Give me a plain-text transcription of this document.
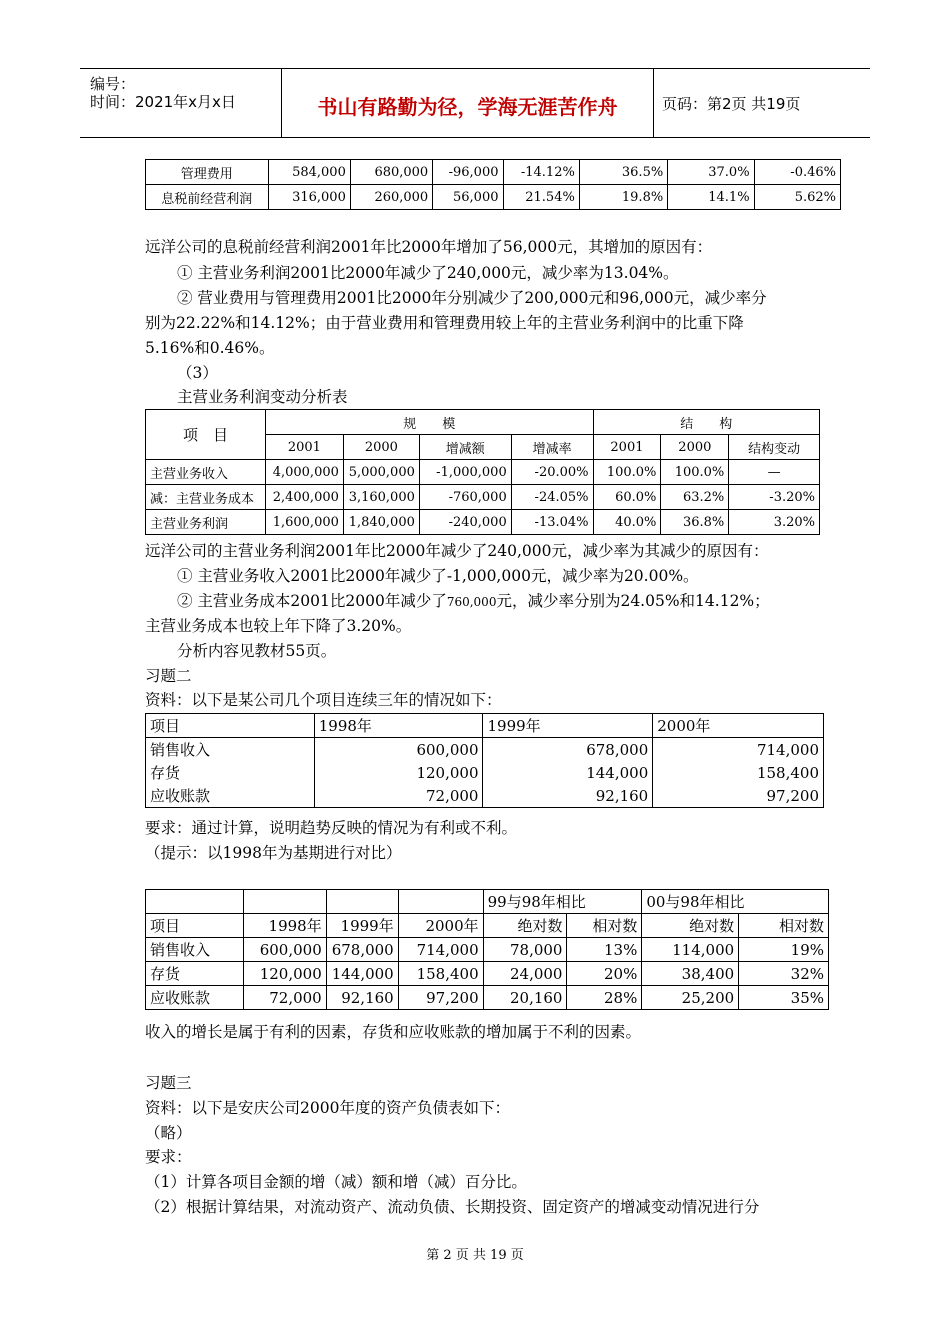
编号：
时间：2021年x月x日	书山有路勤为径，学海无涯苦作舟	页码：第2页 共19页
管理费用	584,000	680,000	-96,000	-14.12%	36.5%	37.0%	-0.46%
息税前经营利润	316,000	260,000	56,000	21.54%	19.8%	14.1%	5.62%
远洋公司的息税前经营利润2001年比2000年增加了56,000元，其增加的原因有：
① 主营业务利润2001比2000年减少了240,000元，减少率为13.04%。
② 营业费用与管理费用2001比2000年分别减少了200,000元和96,000元，减少率分
别为22.22%和14.12%；由于营业费用和管理费用较上年的主营业务利润中的比重下降
5.16%和0.46%。
（3）
主营业务利润变动分析表
项　目	规　　模				结　　构		
	2001	2000	增减额	增减率	2001	2000	结构变动
主营业务收入	4,000,000	5,000,000	-1,000,000	-20.00%	100.0%	100.0%	—
减：主营业务成本	2,400,000	3,160,000	-760,000	-24.05%	60.0%	63.2%	-3.20%
主营业务利润	1,600,000	1,840,000	-240,000	-13.04%	40.0%	36.8%	3.20%
远洋公司的主营业务利润2001年比2000年减少了240,000元，减少率为其减少的原因有：
① 主营业务收入2001比2000年减少了-1,000,000元，减少率为20.00%。
② 主营业务成本2001比2000年减少了760,000元，减少率分别为24.05%和14.12%；
主营业务成本也较上年下降了3.20%。
分析内容见教材55页。
习题二
资料：以下是某公司几个项目连续三年的情况如下：
项目	1998年	1999年	2000年
销售收入	600,000	678,000	714,000
存货	120,000	144,000	158,400
应收账款	72,000	92,160	97,200
要求：通过计算，说明趋势反映的情况为有利或不利。
（提示：以1998年为基期进行对比）
				99与98年相比		00与98年相比	
项目	1998年	1999年	2000年	绝对数	相对数	绝对数	相对数
销售收入	600,000	678,000	714,000	78,000	13%	114,000	19%
存货	120,000	144,000	158,400	24,000	20%	38,400	32%
应收账款	72,000	92,160	97,200	20,160	28%	25,200	35%
收入的增长是属于有利的因素，存货和应收账款的增加属于不利的因素。
习题三
资料：以下是安庆公司2000年度的资产负债表如下：
（略）
要求：
（1）计算各项目金额的增（减）额和增（减）百分比。
（2）根据计算结果，对流动资产、流动负债、长期投资、固定资产的增减变动情况进行分
第 2 页 共 19 页
